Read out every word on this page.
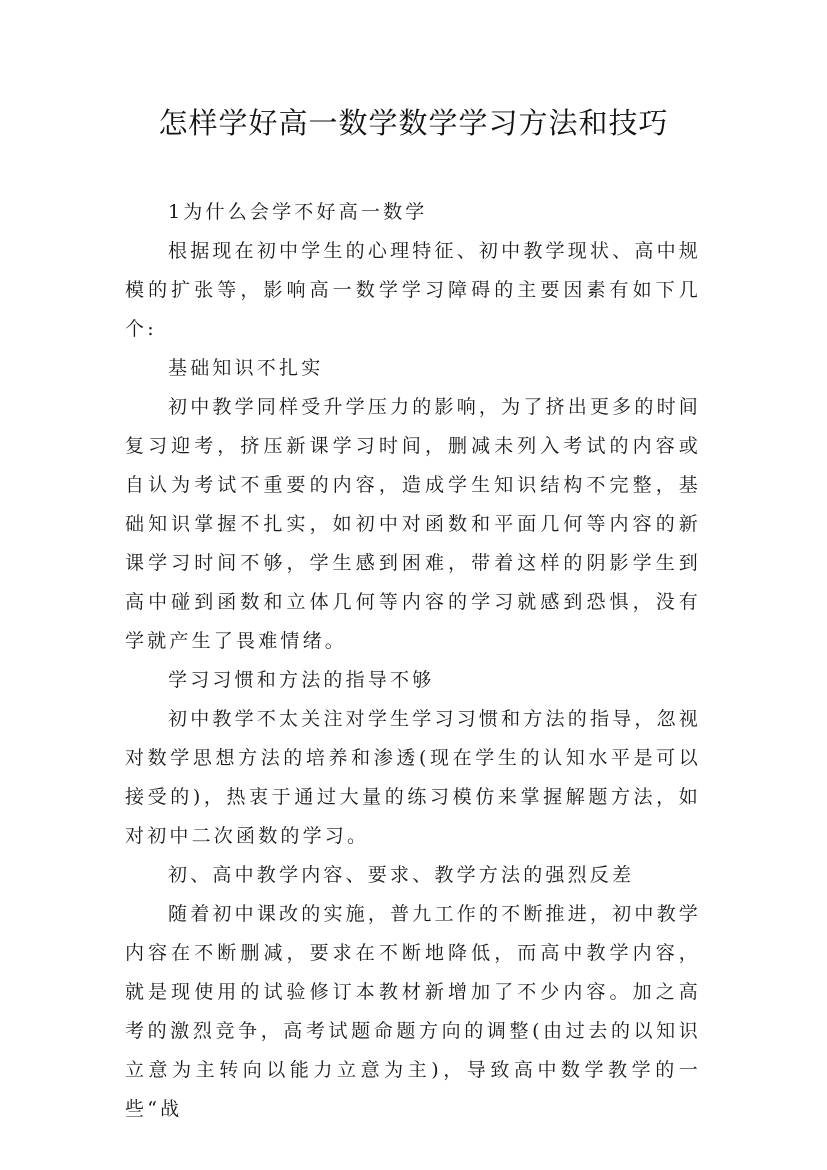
怎样学好高一数学数学学习方法和技巧

1为什么会学不好高一数学

根据现在初中学生的心理特征、初中教学现状、高中规模的扩张等，影响高一数学学习障碍的主要因素有如下几个:

基础知识不扎实

初中教学同样受升学压力的影响，为了挤出更多的时间复习迎考，挤压新课学习时间，删减未列入考试的内容或自认为考试不重要的内容，造成学生知识结构不完整，基础知识掌握不扎实，如初中对函数和平面几何等内容的新课学习时间不够，学生感到困难，带着这样的阴影学生到高中碰到函数和立体几何等内容的学习就感到恐惧，没有学就产生了畏难情绪。

学习习惯和方法的指导不够

初中教学不太关注对学生学习习惯和方法的指导，忽视对数学思想方法的培养和渗透(现在学生的认知水平是可以接受的)，热衷于通过大量的练习模仿来掌握解题方法，如对初中二次函数的学习。

初、高中教学内容、要求、教学方法的强烈反差

随着初中课改的实施，普九工作的不断推进，初中教学内容在不断删减，要求在不断地降低，而高中教学内容，就是现使用的试验修订本教材新增加了不少内容。加之高考的激烈竞争，高考试题命题方向的调整(由过去的以知识立意为主转向以能力立意为主)，导致高中数学教学的一些“战
